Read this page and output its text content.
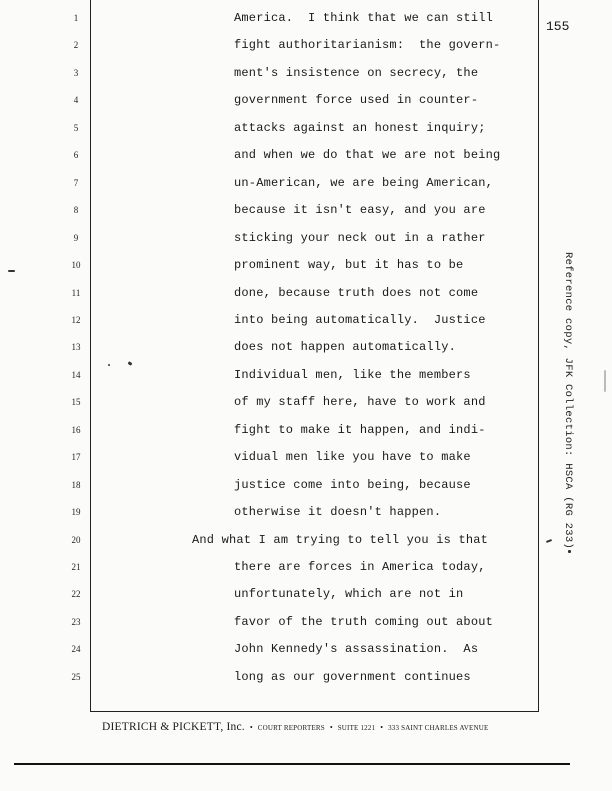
155
1	America.  I think that we can still
2	fight authoritarianism:  the govern-
3	ment's insistence on secrecy, the
4	government force used in counter-
5	attacks against an honest inquiry;
6	and when we do that we are not being
7	un-American, we are being American,
8	because it isn't easy, and you are
9	sticking your neck out in a rather
10	prominent way, but it has to be
11	done, because truth does not come
12	into being automatically.  Justice
13	does not happen automatically.
14	Individual men, like the members
15	of my staff here, have to work and
16	fight to make it happen, and indi-
17	vidual men like you have to make
18	justice come into being, because
19	otherwise it doesn't happen.
20	And what I am trying to tell you is that
21	there are forces in America today,
22	unfortunately, which are not in
23	favor of the truth coming out about
24	John Kennedy's assassination.  As
25	long as our government continues
Reference copy, JFK Collection: HSCA (RG 233)
DIETRICH & PICKETT, Inc. • COURT REPORTERS • SUITE 1221 • 333 SAINT CHARLES AVENUE
